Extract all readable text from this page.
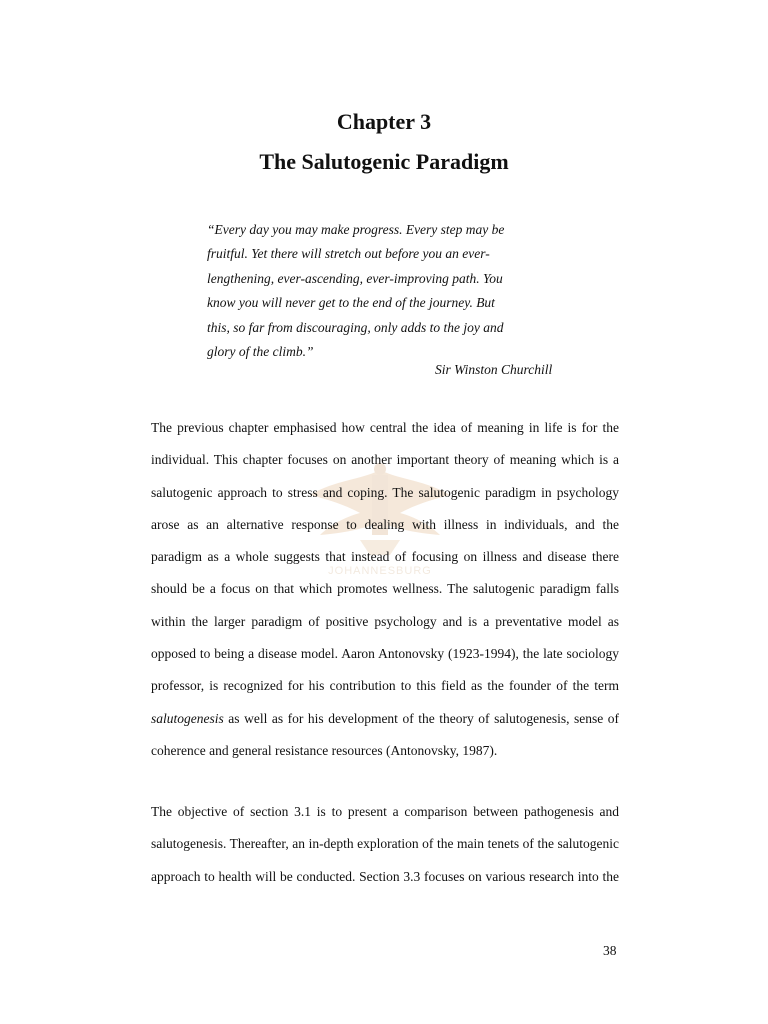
Chapter 3
The Salutogenic Paradigm
“Every day you may make progress. Every step may be
fruitful. Yet there will stretch out before you an ever-
lengthening, ever-ascending, ever-improving path. You
know you will never get to the end of the journey. But
this, so far from discouraging, only adds to the joy and
glory of the climb.”
Sir Winston Churchill
JOHANNESBURG
The previous chapter emphasised how central the idea of meaning in life is for the
individual. This chapter focuses on another important theory of meaning which is a
salutogenic approach to stress and coping. The salutogenic paradigm in psychology
arose as an alternative response to dealing with illness in individuals, and the
paradigm as a whole suggests that instead of focusing on illness and disease there
should be a focus on that which promotes wellness. The salutogenic paradigm falls
within the larger paradigm of positive psychology and is a preventative model as
opposed to being a disease model. Aaron Antonovsky (1923-1994), the late sociology
professor, is recognized for his contribution to this field as the founder of the term
salutogenesis as well as for his development of the theory of salutogenesis, sense of
coherence and general resistance resources (Antonovsky, 1987).
The objective of section 3.1 is to present a comparison between pathogenesis and
salutogenesis. Thereafter, an in-depth exploration of the main tenets of the salutogenic
approach to health will be conducted. Section 3.3 focuses on various research into the
38
